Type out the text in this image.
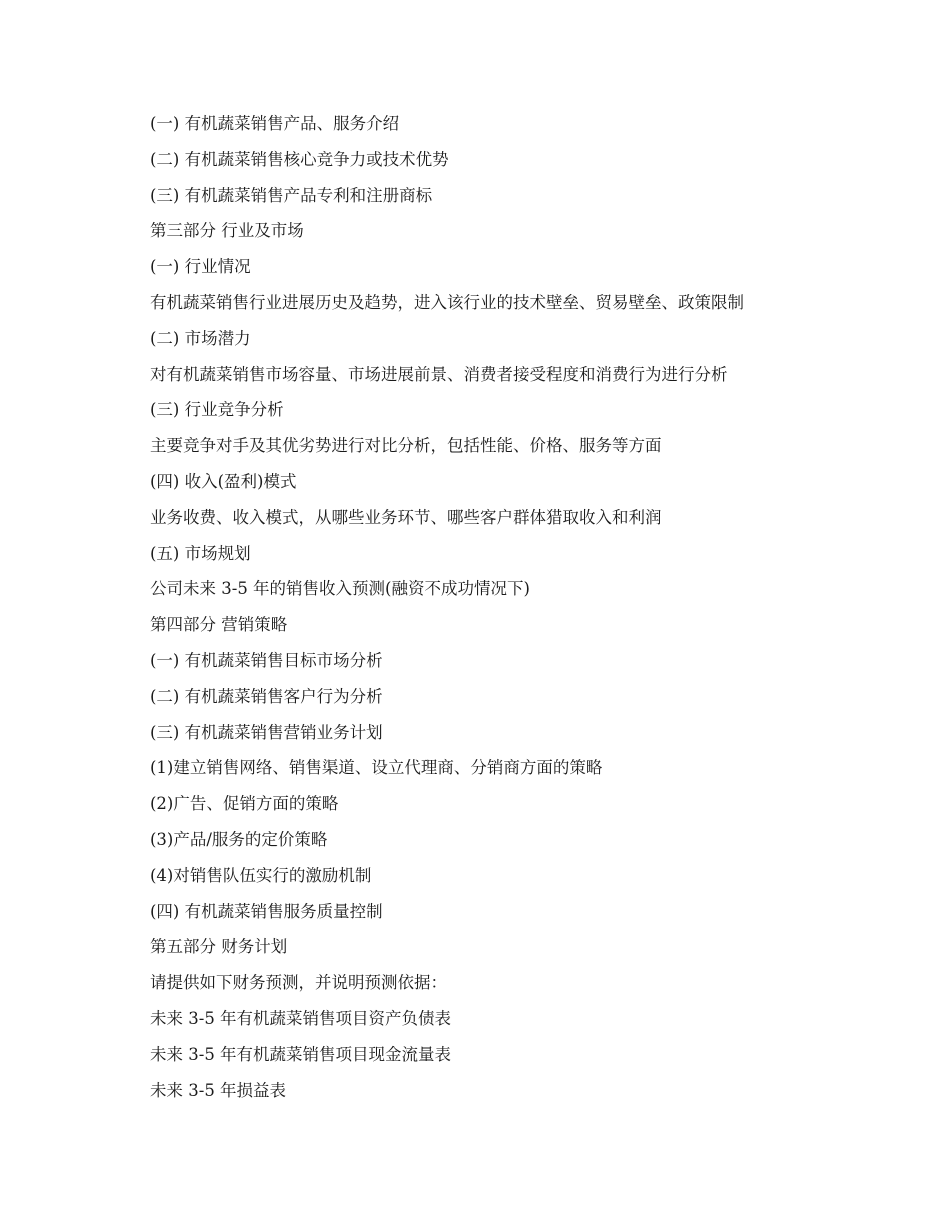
(一) 有机蔬菜销售产品、服务介绍

(二) 有机蔬菜销售核心竞争力或技术优势

(三) 有机蔬菜销售产品专利和注册商标

第三部分 行业及市场

(一) 行业情况

有机蔬菜销售行业进展历史及趋势，进入该行业的技术壁垒、贸易壁垒、政策限制

(二) 市场潜力

对有机蔬菜销售市场容量、市场进展前景、消费者接受程度和消费行为进行分析

(三) 行业竞争分析

主要竞争对手及其优劣势进行对比分析，包括性能、价格、服务等方面

(四) 收入(盈利)模式

业务收费、收入模式，从哪些业务环节、哪些客户群体猎取收入和利润

(五) 市场规划

公司未来 3-5 年的销售收入预测(融资不成功情况下)

第四部分 营销策略

(一) 有机蔬菜销售目标市场分析

(二) 有机蔬菜销售客户行为分析

(三) 有机蔬菜销售营销业务计划

(1)建立销售网络、销售渠道、设立代理商、分销商方面的策略

(2)广告、促销方面的策略

(3)产品/服务的定价策略

(4)对销售队伍实行的激励机制

(四) 有机蔬菜销售服务质量控制

第五部分 财务计划

请提供如下财务预测，并说明预测依据：

未来 3-5 年有机蔬菜销售项目资产负债表

未来 3-5 年有机蔬菜销售项目现金流量表

未来 3-5 年损益表
